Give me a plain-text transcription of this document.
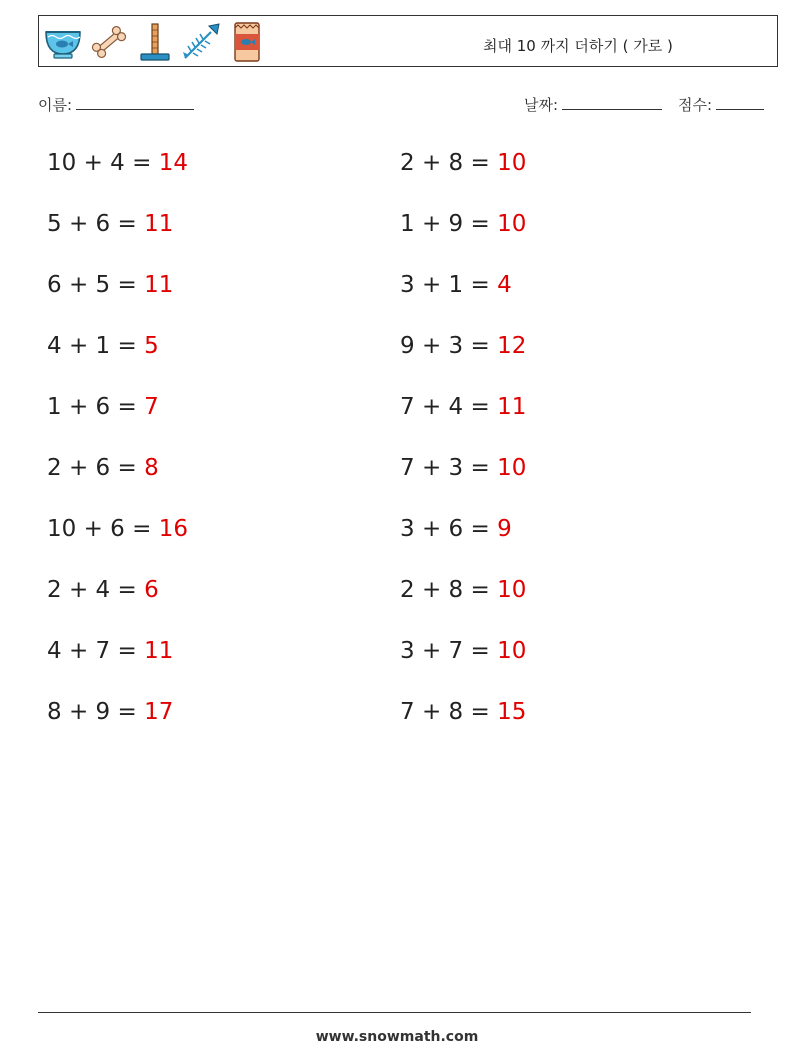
최대 10 까지 더하기 ( 가로 )
이름:	날짜:	점수:
10 + 4 = 14
5 + 6 = 11
6 + 5 = 11
4 + 1 = 5
1 + 6 = 7
2 + 6 = 8
10 + 6 = 16
2 + 4 = 6
4 + 7 = 11
8 + 9 = 17
2 + 8 = 10
1 + 9 = 10
3 + 1 = 4
9 + 3 = 12
7 + 4 = 11
7 + 3 = 10
3 + 6 = 9
2 + 8 = 10
3 + 7 = 10
7 + 8 = 15
www.snowmath.com
